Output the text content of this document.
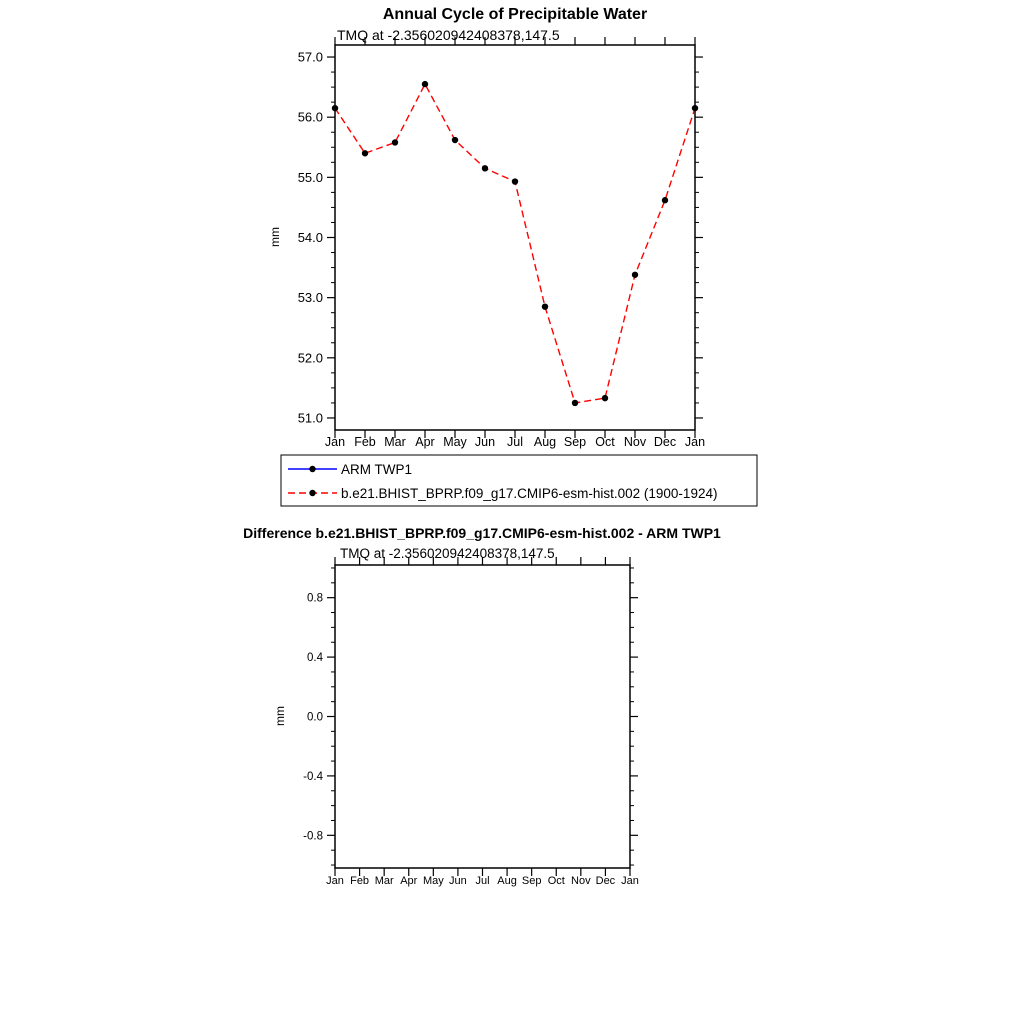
Annual Cycle of Precipitable Water
TMQ at -2.356020942408378,147.5
mm
51.0
52.0
53.0
54.0
55.0
56.0
57.0
Jan Feb Mar Apr May Jun Jul Aug Sep Oct Nov Dec Jan
ARM TWP1
b.e21.BHIST_BPRP.f09_g17.CMIP6-esm-hist.002 (1900-1924)
Difference b.e21.BHIST_BPRP.f09_g17.CMIP6-esm-hist.002 - ARM TWP1
TMQ at -2.356020942408378,147.5
mm
-0.8
-0.4
0.0
0.4
0.8
Jan Feb Mar Apr May Jun Jul Aug Sep Oct Nov Dec Jan
